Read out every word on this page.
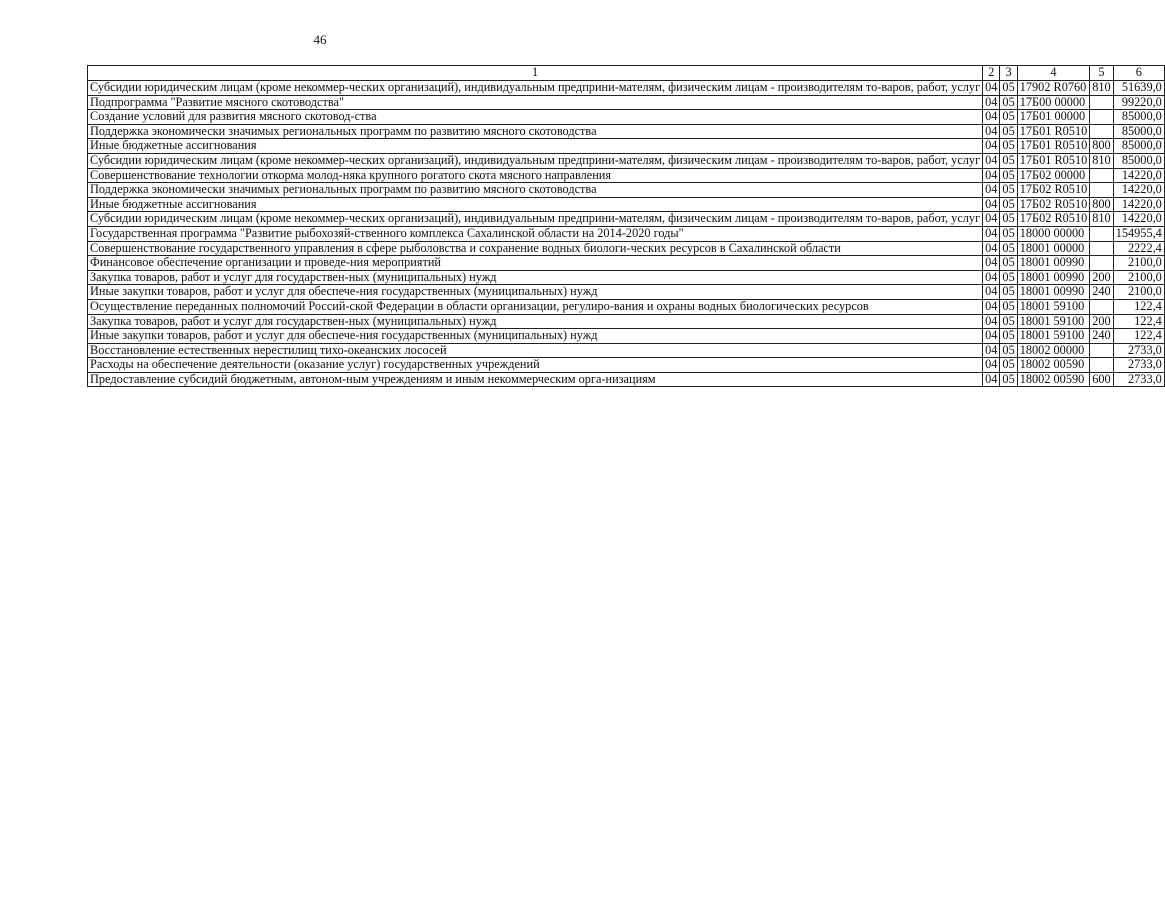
46
1	2	3	4	5	6
Субсидии юридическим лицам (кроме некоммер-ческих организаций), индивидуальным предприни-мателям, физическим лицам - производителям то-варов, работ, услуг	04	05	17902 R0760	810	51639,0
Подпрограмма "Развитие мясного скотоводства"	04	05	17Б00 00000		99220,0
Создание условий для развития мясного скотовод-ства	04	05	17Б01 00000		85000,0
Поддержка экономически значимых региональных программ по развитию мясного скотоводства	04	05	17Б01 R0510		85000,0
Иные бюджетные ассигнования	04	05	17Б01 R0510	800	85000,0
Субсидии юридическим лицам (кроме некоммер-ческих организаций), индивидуальным предприни-мателям, физическим лицам - производителям то-варов, работ, услуг	04	05	17Б01 R0510	810	85000,0
Совершенствование технологии откорма молод-няка крупного рогатого скота мясного направления	04	05	17Б02 00000		14220,0
Поддержка экономически значимых региональных программ по развитию мясного скотоводства	04	05	17Б02 R0510		14220,0
Иные бюджетные ассигнования	04	05	17Б02 R0510	800	14220,0
Субсидии юридическим лицам (кроме некоммер-ческих организаций), индивидуальным предприни-мателям, физическим лицам - производителям то-варов, работ, услуг	04	05	17Б02 R0510	810	14220,0
Государственная программа "Развитие рыбохозяй-ственного комплекса Сахалинской области на 2014-2020 годы"	04	05	18000 00000		154955,4
Совершенствование государственного управления в сфере рыболовства и сохранение водных биологи-ческих ресурсов в Сахалинской области	04	05	18001 00000		2222,4
Финансовое обеспечение организации и проведе-ния мероприятий	04	05	18001 00990		2100,0
Закупка товаров, работ и услуг для государствен-ных (муниципальных) нужд	04	05	18001 00990	200	2100,0
Иные закупки товаров, работ и услуг для обеспече-ния государственных (муниципальных) нужд	04	05	18001 00990	240	2100,0
Осуществление переданных полномочий Россий-ской Федерации в области организации, регулиро-вания и охраны водных биологических ресурсов	04	05	18001 59100		122,4
Закупка товаров, работ и услуг для государствен-ных (муниципальных) нужд	04	05	18001 59100	200	122,4
Иные закупки товаров, работ и услуг для обеспече-ния государственных (муниципальных) нужд	04	05	18001 59100	240	122,4
Восстановление естественных нерестилищ тихо-океанских лососей	04	05	18002 00000		2733,0
Расходы на обеспечение деятельности (оказание услуг) государственных учреждений	04	05	18002 00590		2733,0
Предоставление субсидий бюджетным, автоном-ным учреждениям и иным некоммерческим орга-низациям	04	05	18002 00590	600	2733,0
